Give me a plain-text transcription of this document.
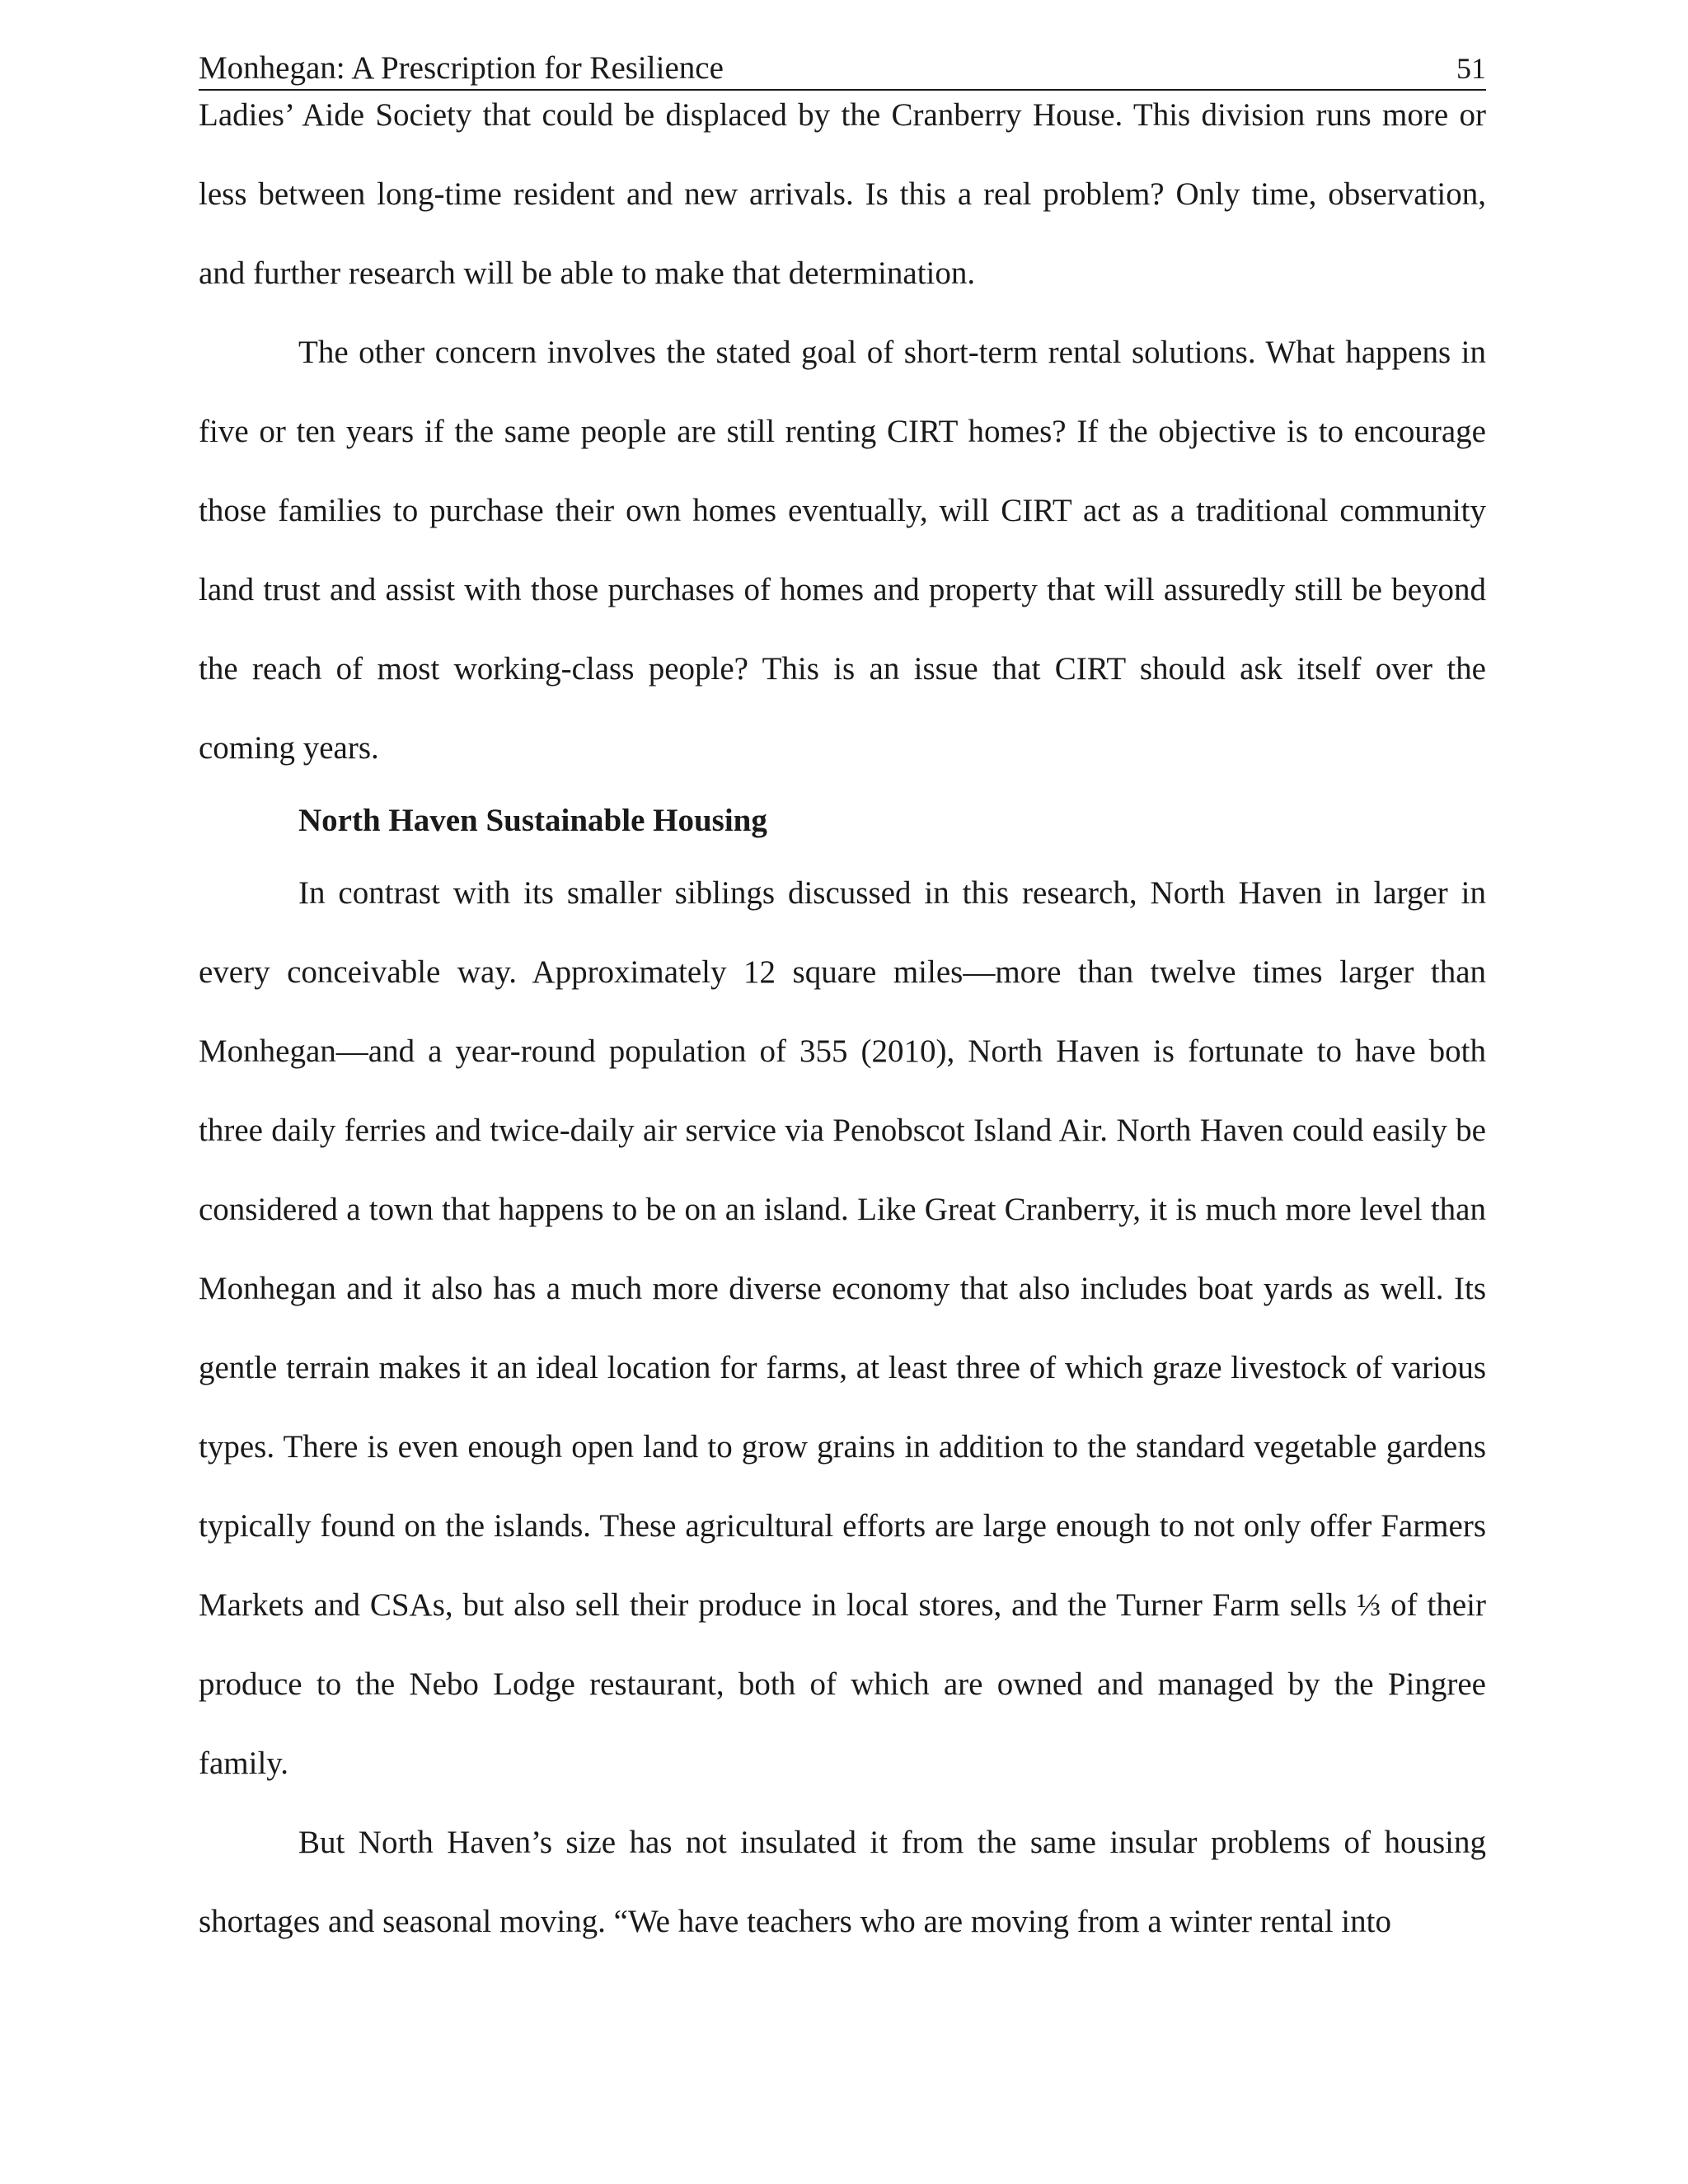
Monhegan: A Prescription for Resilience	51

Ladies’ Aide Society that could be displaced by the Cranberry House. This division runs more or less between long-time resident and new arrivals. Is this a real problem? Only time, observation, and further research will be able to make that determination.

The other concern involves the stated goal of short-term rental solutions. What happens in five or ten years if the same people are still renting CIRT homes? If the objective is to encourage those families to purchase their own homes eventually, will CIRT act as a traditional community land trust and assist with those purchases of homes and property that will assuredly still be beyond the reach of most working-class people? This is an issue that CIRT should ask itself over the coming years.

North Haven Sustainable Housing

In contrast with its smaller siblings discussed in this research, North Haven in larger in every conceivable way. Approximately 12 square miles—more than twelve times larger than Monhegan—and a year-round population of 355 (2010), North Haven is fortunate to have both three daily ferries and twice-daily air service via Penobscot Island Air. North Haven could easily be considered a town that happens to be on an island. Like Great Cranberry, it is much more level than Monhegan and it also has a much more diverse economy that also includes boat yards as well. Its gentle terrain makes it an ideal location for farms, at least three of which graze livestock of various types. There is even enough open land to grow grains in addition to the standard vegetable gardens typically found on the islands. These agricultural efforts are large enough to not only offer Farmers Markets and CSAs, but also sell their produce in local stores, and the Turner Farm sells ⅓ of their produce to the Nebo Lodge restaurant, both of which are owned and managed by the Pingree family.

But North Haven’s size has not insulated it from the same insular problems of housing shortages and seasonal moving. “We have teachers who are moving from a winter rental into
